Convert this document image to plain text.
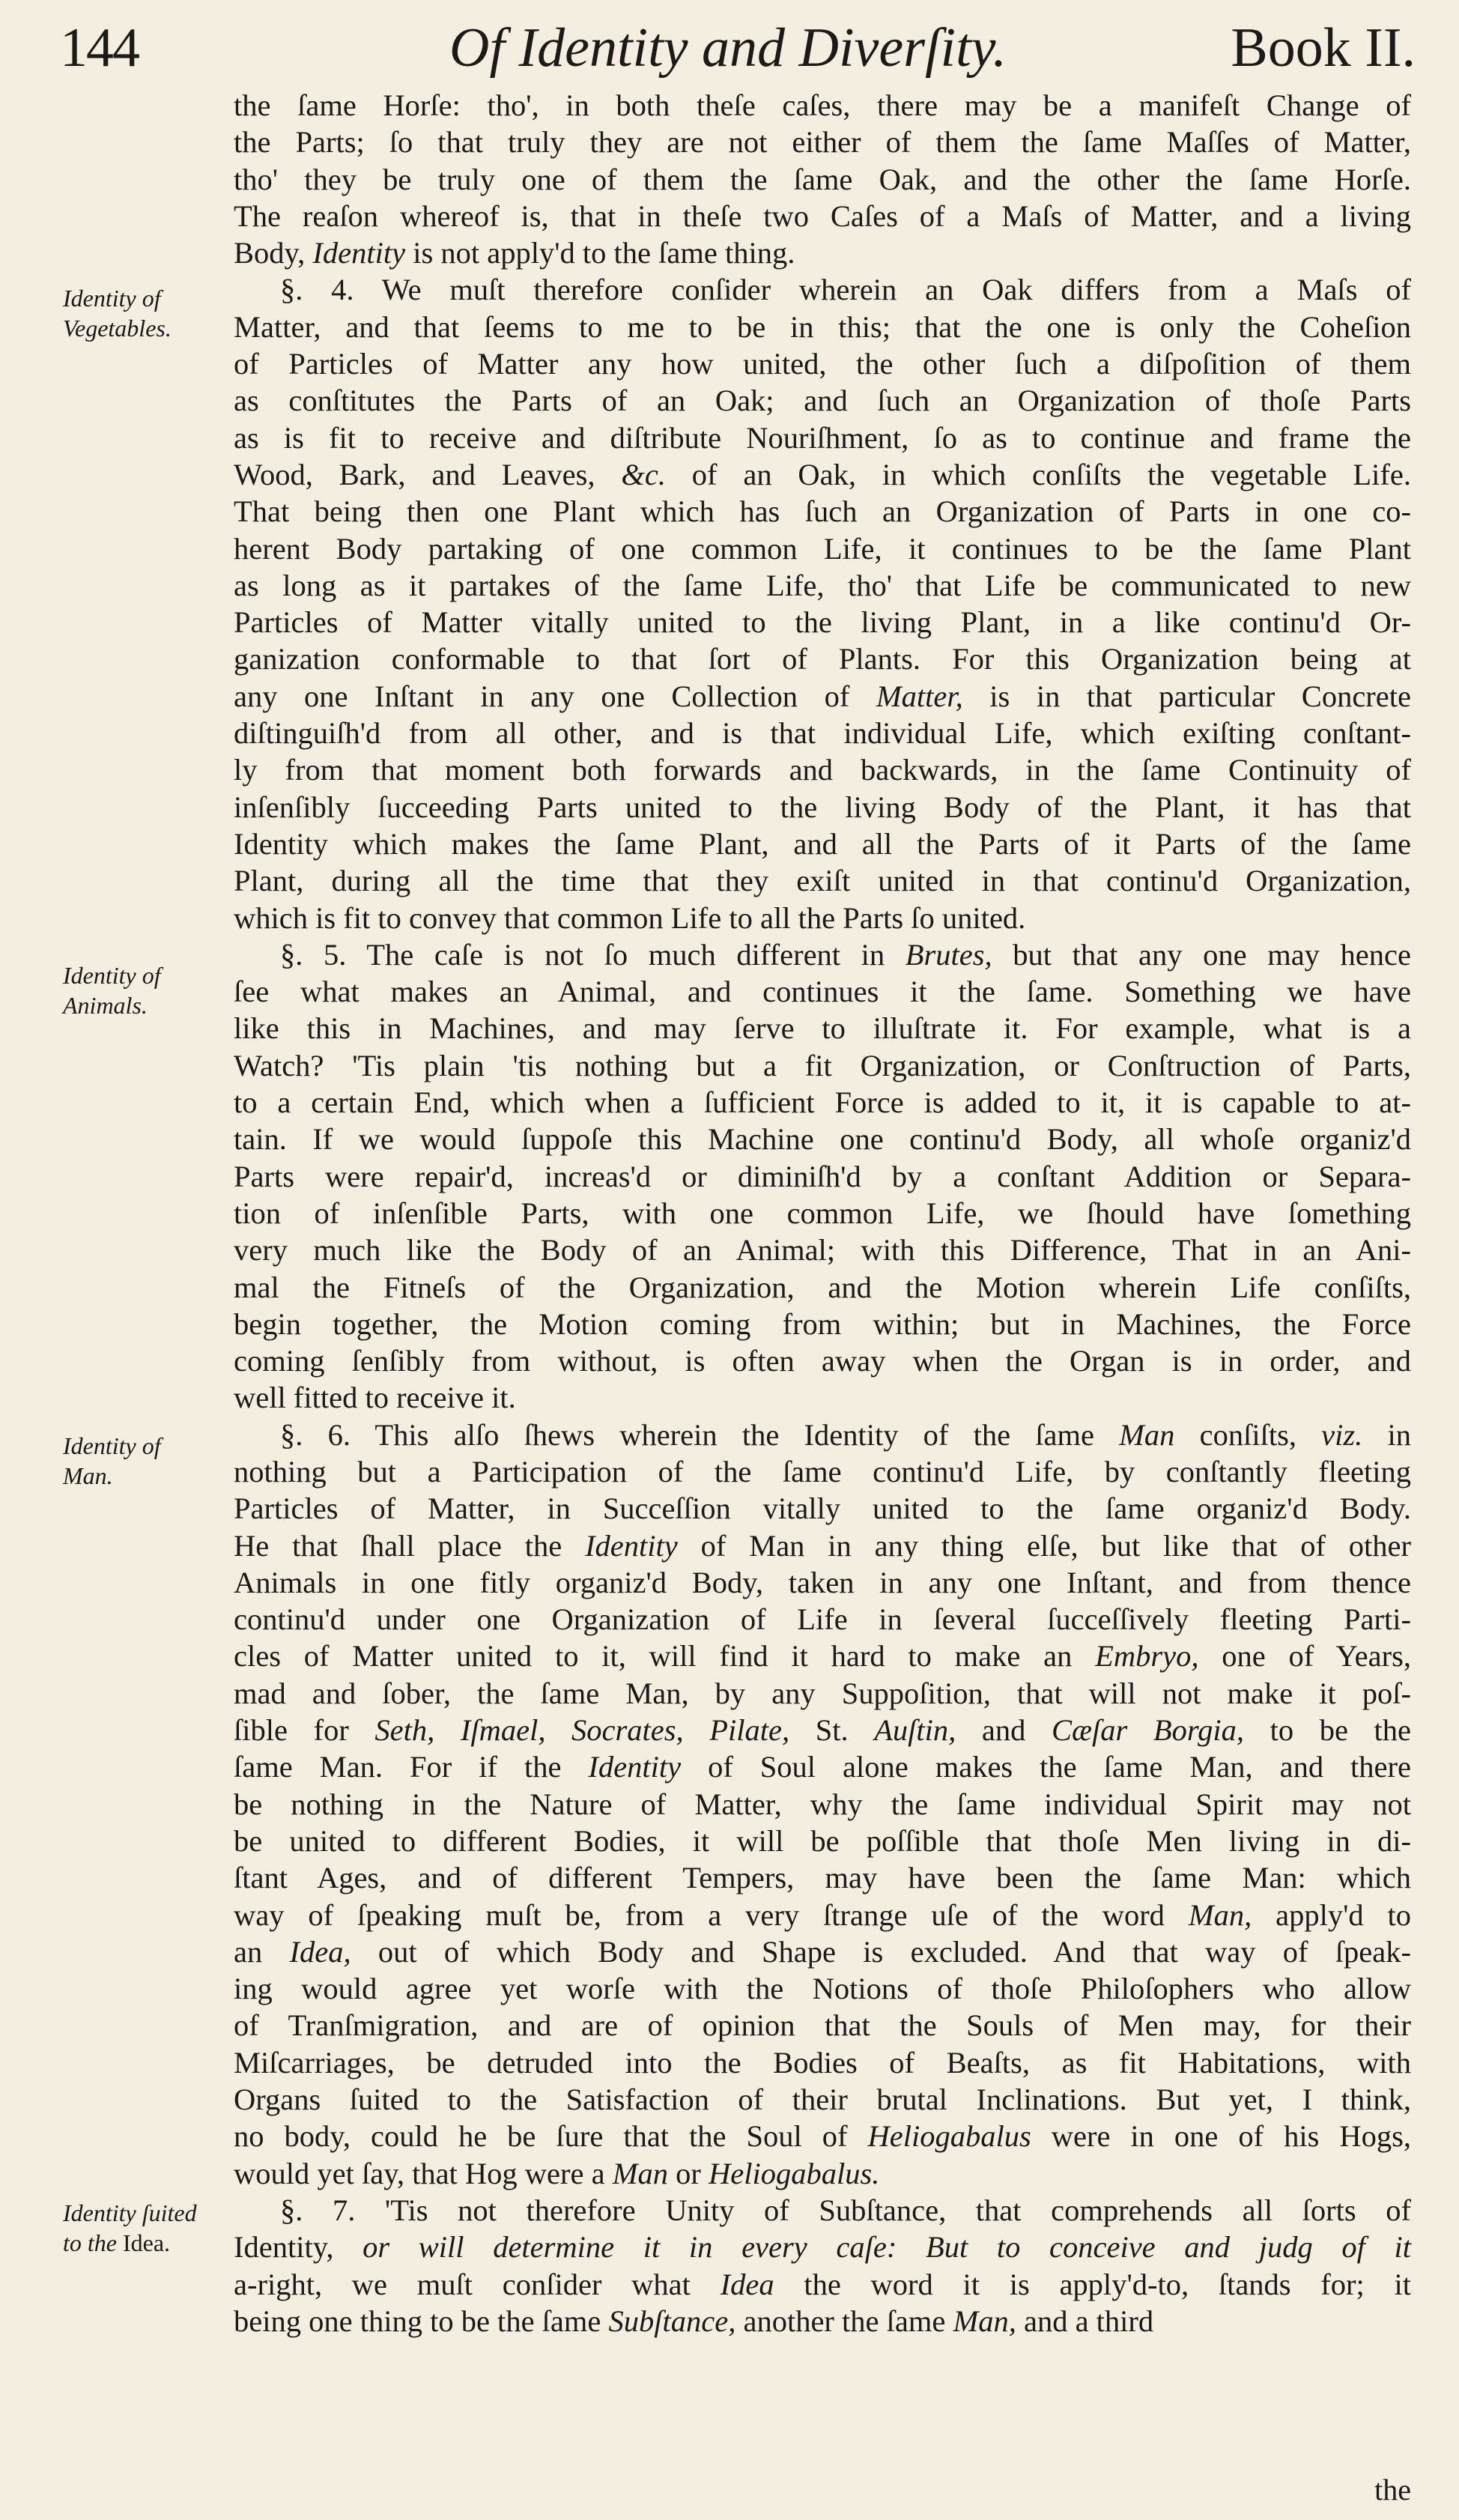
144	Of Identity and Diverſity.	Book II.
Identity of
Vegetables.
Identity of
Animals.
Identity of
Man.
Identity ſuited
to the Idea.

the ſame Horſe: tho', in both theſe caſes, there may be a manifeſt Change of
the Parts; ſo that truly they are not either of them the ſame Maſſes of Matter,
tho' they be truly one of them the ſame Oak, and the other the ſame Horſe.
The reaſon whereof is, that in theſe two Caſes of a Maſs of Matter, and a living
Body, Identity is not apply'd to the ſame thing.

§. 4. We muſt therefore conſider wherein an Oak differs from a Maſs of
Matter, and that ſeems to me to be in this; that the one is only the Coheſion
of Particles of Matter any how united, the other ſuch a diſpoſition of them
as conſtitutes the Parts of an Oak; and ſuch an Organization of thoſe Parts
as is fit to receive and diſtribute Nouriſhment, ſo as to continue and frame the
Wood, Bark, and Leaves, &c. of an Oak, in which conſiſts the vegetable Life.
That being then one Plant which has ſuch an Organization of Parts in one co-
herent Body partaking of one common Life, it continues to be the ſame Plant
as long as it partakes of the ſame Life, tho' that Life be communicated to new
Particles of Matter vitally united to the living Plant, in a like continu'd Or-
ganization conformable to that ſort of Plants. For this Organization being at
any one Inſtant in any one Collection of Matter, is in that particular Concrete
diſtinguiſh'd from all other, and is that individual Life, which exiſting conſtant-
ly from that moment both forwards and backwards, in the ſame Continuity of
inſenſibly ſucceeding Parts united to the living Body of the Plant, it has that
Identity which makes the ſame Plant, and all the Parts of it Parts of the ſame
Plant, during all the time that they exiſt united in that continu'd Organization,
which is fit to convey that common Life to all the Parts ſo united.

§. 5. The caſe is not ſo much different in Brutes, but that any one may hence
ſee what makes an Animal, and continues it the ſame. Something we have
like this in Machines, and may ſerve to illuſtrate it. For example, what is a
Watch? 'Tis plain 'tis nothing but a fit Organization, or Conſtruction of Parts,
to a certain End, which when a ſufficient Force is added to it, it is capable to at-
tain. If we would ſuppoſe this Machine one continu'd Body, all whoſe organiz'd
Parts were repair'd, increas'd or diminiſh'd by a conſtant Addition or Separa-
tion of inſenſible Parts, with one common Life, we ſhould have ſomething
very much like the Body of an Animal; with this Difference, That in an Ani-
mal the Fitneſs of the Organization, and the Motion wherein Life conſiſts,
begin together, the Motion coming from within; but in Machines, the Force
coming ſenſibly from without, is often away when the Organ is in order, and
well fitted to receive it.

§. 6. This alſo ſhews wherein the Identity of the ſame Man conſiſts, viz. in
nothing but a Participation of the ſame continu'd Life, by conſtantly fleeting
Particles of Matter, in Succeſſion vitally united to the ſame organiz'd Body.
He that ſhall place the Identity of Man in any thing elſe, but like that of other
Animals in one fitly organiz'd Body, taken in any one Inſtant, and from thence
continu'd under one Organization of Life in ſeveral ſucceſſively fleeting Parti-
cles of Matter united to it, will find it hard to make an Embryo, one of Years,
mad and ſober, the ſame Man, by any Suppoſition, that will not make it poſ-
ſible for Seth, Iſmael, Socrates, Pilate, St. Auſtin, and Cæſar Borgia, to be the
ſame Man. For if the Identity of Soul alone makes the ſame Man, and there
be nothing in the Nature of Matter, why the ſame individual Spirit may not
be united to different Bodies, it will be poſſible that thoſe Men living in di-
ſtant Ages, and of different Tempers, may have been the ſame Man: which
way of ſpeaking muſt be, from a very ſtrange uſe of the word Man, apply'd to
an Idea, out of which Body and Shape is excluded. And that way of ſpeak-
ing would agree yet worſe with the Notions of thoſe Philoſophers who allow
of Tranſmigration, and are of opinion that the Souls of Men may, for their
Miſcarriages, be detruded into the Bodies of Beaſts, as fit Habitations, with
Organs ſuited to the Satisfaction of their brutal Inclinations. But yet, I think,
no body, could he be ſure that the Soul of Heliogabalus were in one of his Hogs,
would yet ſay, that Hog were a Man or Heliogabalus.

§. 7. 'Tis not therefore Unity of Subſtance, that comprehends all ſorts of
Identity, or will determine it in every caſe: But to conceive and judg of it
a-right, we muſt conſider what Idea the word it is apply'd-to, ſtands for; it
being one thing to be the ſame Subſtance, another the ſame Man, and a third

the
